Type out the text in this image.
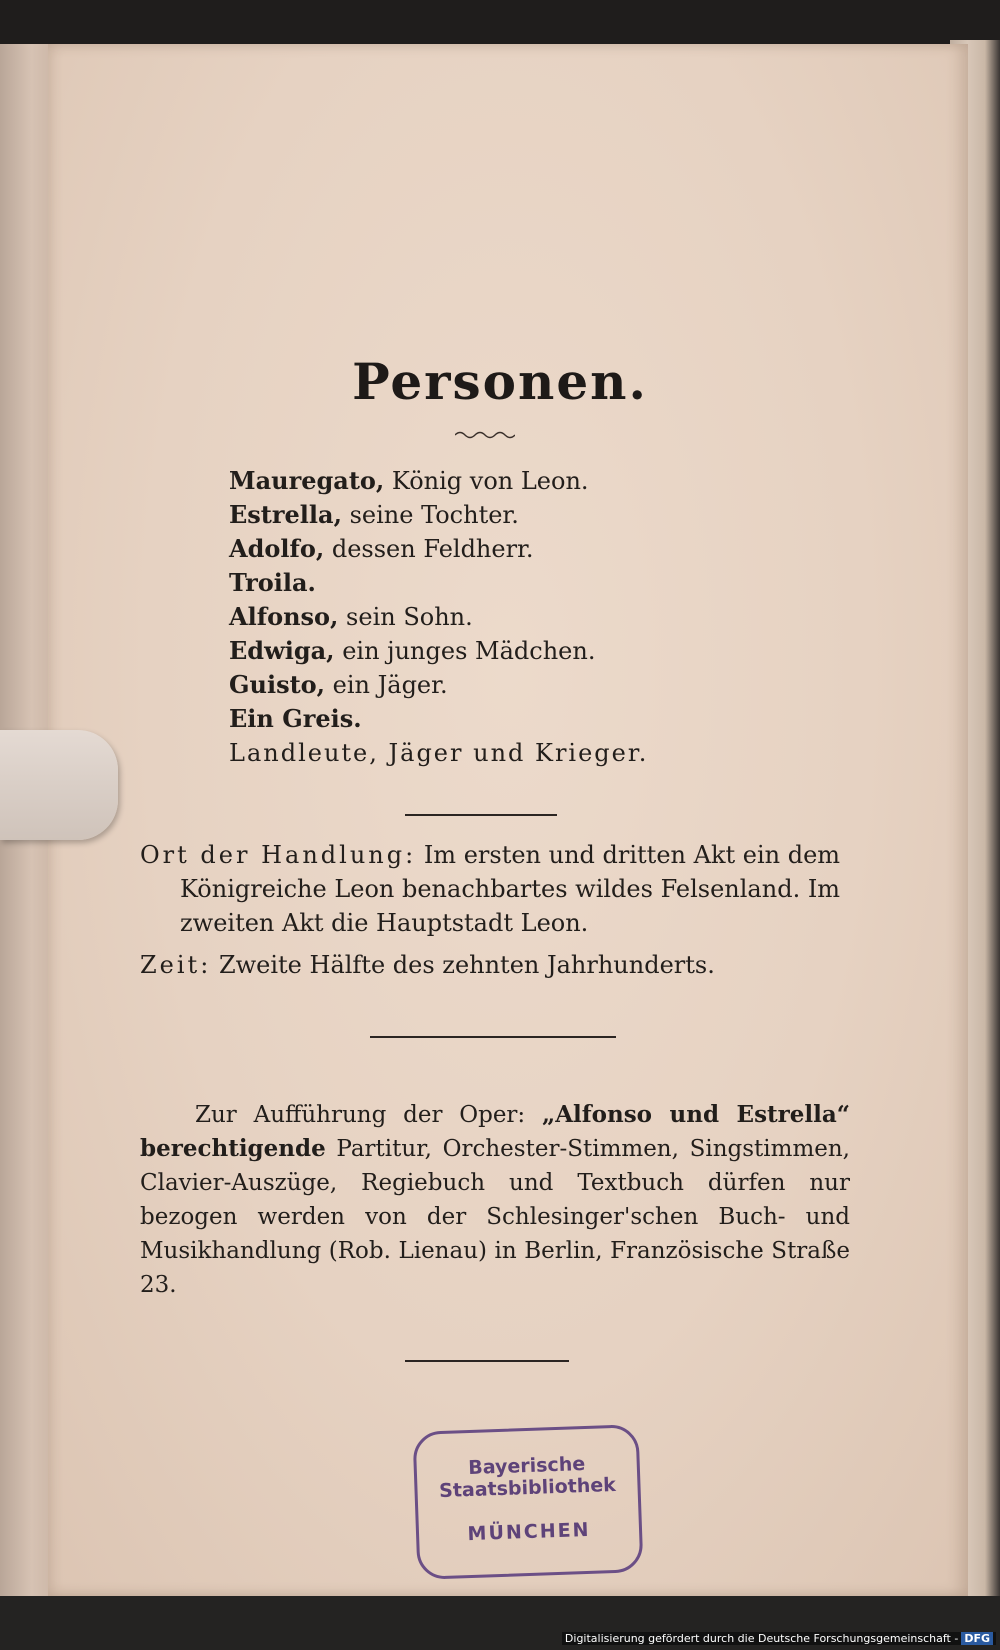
Personen.
Mauregato, König von Leon.
Estrella, seine Tochter.
Adolfo, dessen Feldherr.
Troila.
Alfonso, sein Sohn.
Edwiga, ein junges Mädchen.
Guisto, ein Jäger.
Ein Greis.
Landleute, Jäger und Krieger.
Ort der Handlung: Im ersten und dritten Akt ein dem
Königreiche Leon benachbartes wildes Felsenland. Im
zweiten Akt die Hauptstadt Leon.
Zeit: Zweite Hälfte des zehnten Jahrhunderts.
Zur Aufführung der Oper: „Alfonso und Estrella“ berechtigende Partitur, Orchester-Stimmen, Singstimmen, Clavier-Auszüge, Regiebuch und Textbuch dürfen nur bezogen werden von der Schlesinger'schen Buch- und Musikhandlung (Rob. Lienau) in Berlin, Französische Straße 23.
Bayerische
Staatsbibliothek
MÜNCHEN
Digitalisierung gefördert durch die Deutsche Forschungsgemeinschaft - DFG
